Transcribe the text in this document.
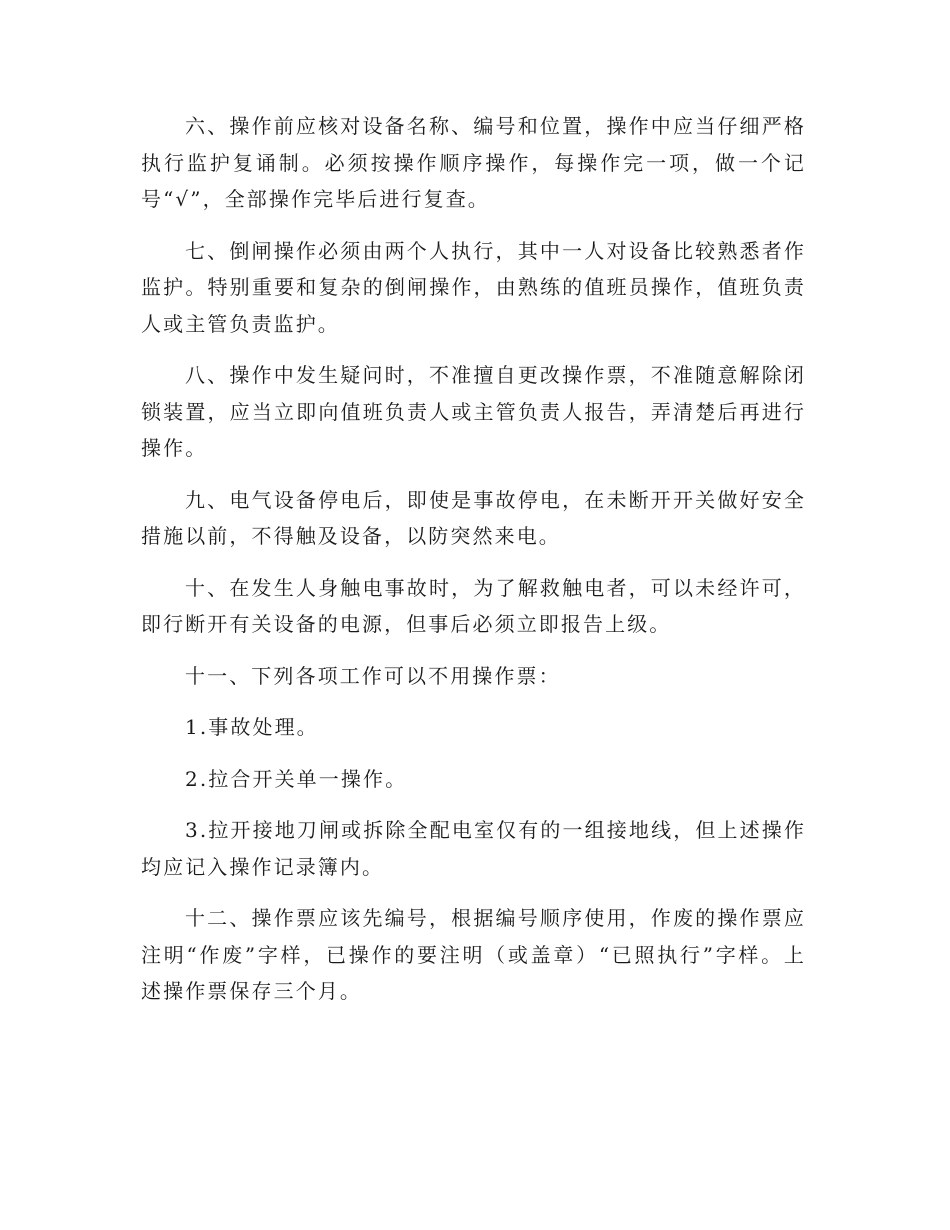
六、操作前应核对设备名称、编号和位置，操作中应当仔细严格执行监护复诵制。必须按操作顺序操作，每操作完一项，做一个记号“√”，全部操作完毕后进行复查。

七、倒闸操作必须由两个人执行，其中一人对设备比较熟悉者作监护。特别重要和复杂的倒闸操作，由熟练的值班员操作，值班负责人或主管负责监护。

八、操作中发生疑问时，不准擅自更改操作票，不准随意解除闭锁装置，应当立即向值班负责人或主管负责人报告，弄清楚后再进行操作。

九、电气设备停电后，即使是事故停电，在未断开开关做好安全措施以前，不得触及设备，以防突然来电。

十、在发生人身触电事故时，为了解救触电者，可以未经许可，即行断开有关设备的电源，但事后必须立即报告上级。

十一、下列各项工作可以不用操作票：

1.事故处理。

2.拉合开关单一操作。

3.拉开接地刀闸或拆除全配电室仅有的一组接地线，但上述操作均应记入操作记录簿内。

十二、操作票应该先编号，根据编号顺序使用，作废的操作票应注明“作废”字样，已操作的要注明（或盖章）“已照执行”字样。上述操作票保存三个月。
